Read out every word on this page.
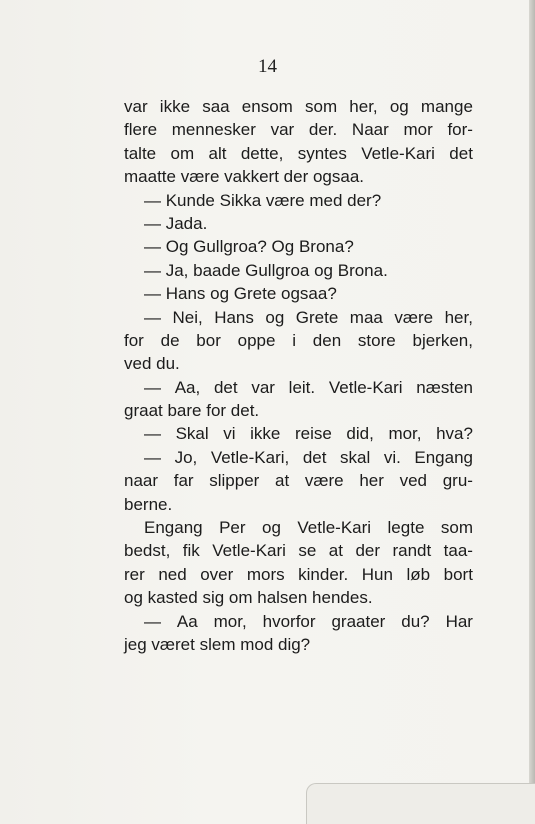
14
var ikke saa ensom som her, og mange
flere mennesker var der. Naar mor for-
talte om alt dette, syntes Vetle-Kari det
maatte være vakkert der ogsaa.
— Kunde Sikka være med der?
— Jada.
— Og Gullgroa? Og Brona?
— Ja, baade Gullgroa og Brona.
— Hans og Grete ogsaa?
— Nei, Hans og Grete maa være her,
for de bor oppe i den store bjerken,
ved du.
— Aa, det var leit. Vetle-Kari næsten
graat bare for det.
— Skal vi ikke reise did, mor, hva?
— Jo, Vetle-Kari, det skal vi. Engang
naar far slipper at være her ved gru-
berne.
Engang Per og Vetle-Kari legte som
bedst, fik Vetle-Kari se at der randt taa-
rer ned over mors kinder. Hun løb bort
og kasted sig om halsen hendes.
— Aa mor, hvorfor graater du? Har
jeg været slem mod dig?
